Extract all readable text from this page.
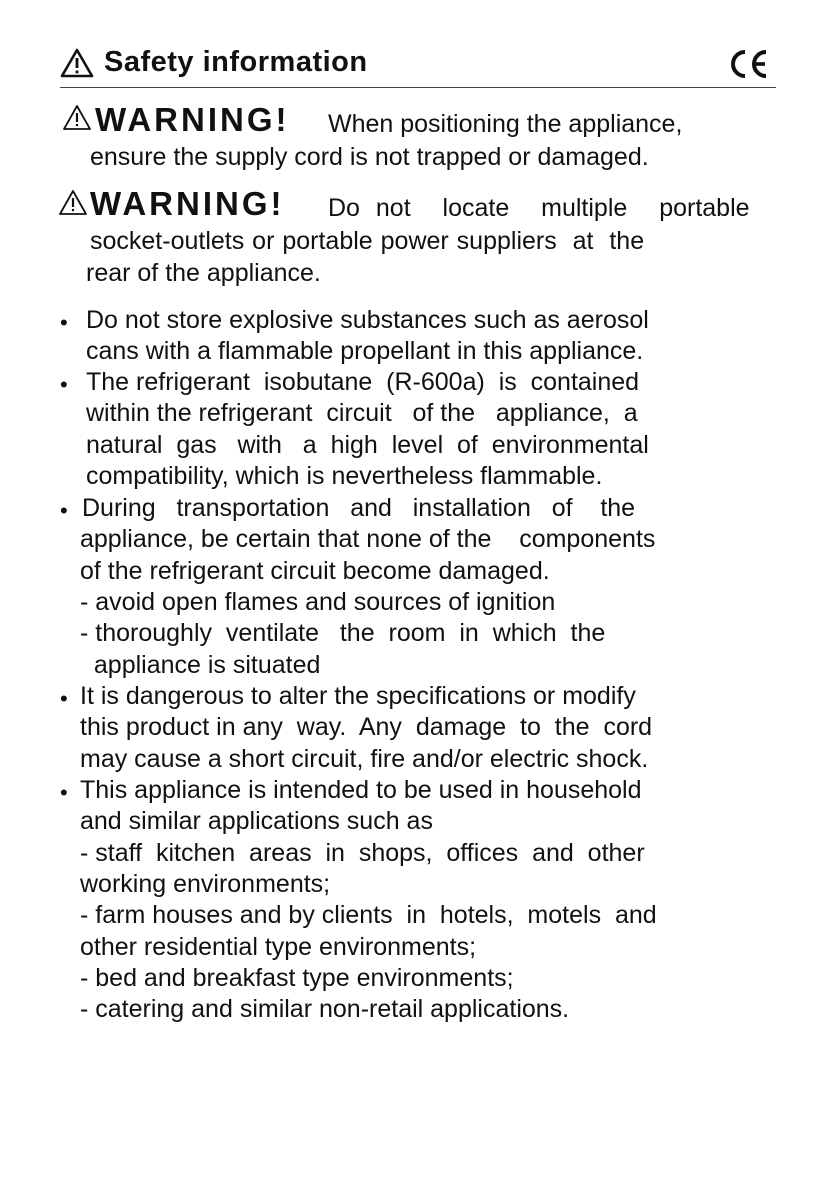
Safety information
WARNING! When positioning the appliance,
ensure the supply cord is not trapped or damaged.
WARNING! Do not  locate  multiple  portable
socket-outlets or portable power suppliers  at  the
rear of the appliance.
• Do not store explosive substances such as aerosol
cans with a flammable propellant in this appliance.
• The refrigerant  isobutane  (R-600a)  is  contained
within the refrigerant  circuit   of the   appliance,  a
natural  gas   with   a  high  level  of  environmental
compatibility, which is nevertheless flammable.
• During   transportation   and   installation   of    the
appliance, be certain that none of the    components
of the refrigerant circuit become damaged.
- avoid open flames and sources of ignition
- thoroughly  ventilate   the  room  in  which  the
appliance is situated
• It is dangerous to alter the specifications or modify
this product in any  way.  Any  damage  to  the  cord
may cause a short circuit, fire and/or electric shock.
• This appliance is intended to be used in household
and similar applications such as
- staff  kitchen  areas  in  shops,  offices  and  other
working environments;
- farm houses and by clients  in  hotels,  motels  and
other residential type environments;
- bed and breakfast type environments;
- catering and similar non-retail applications.
